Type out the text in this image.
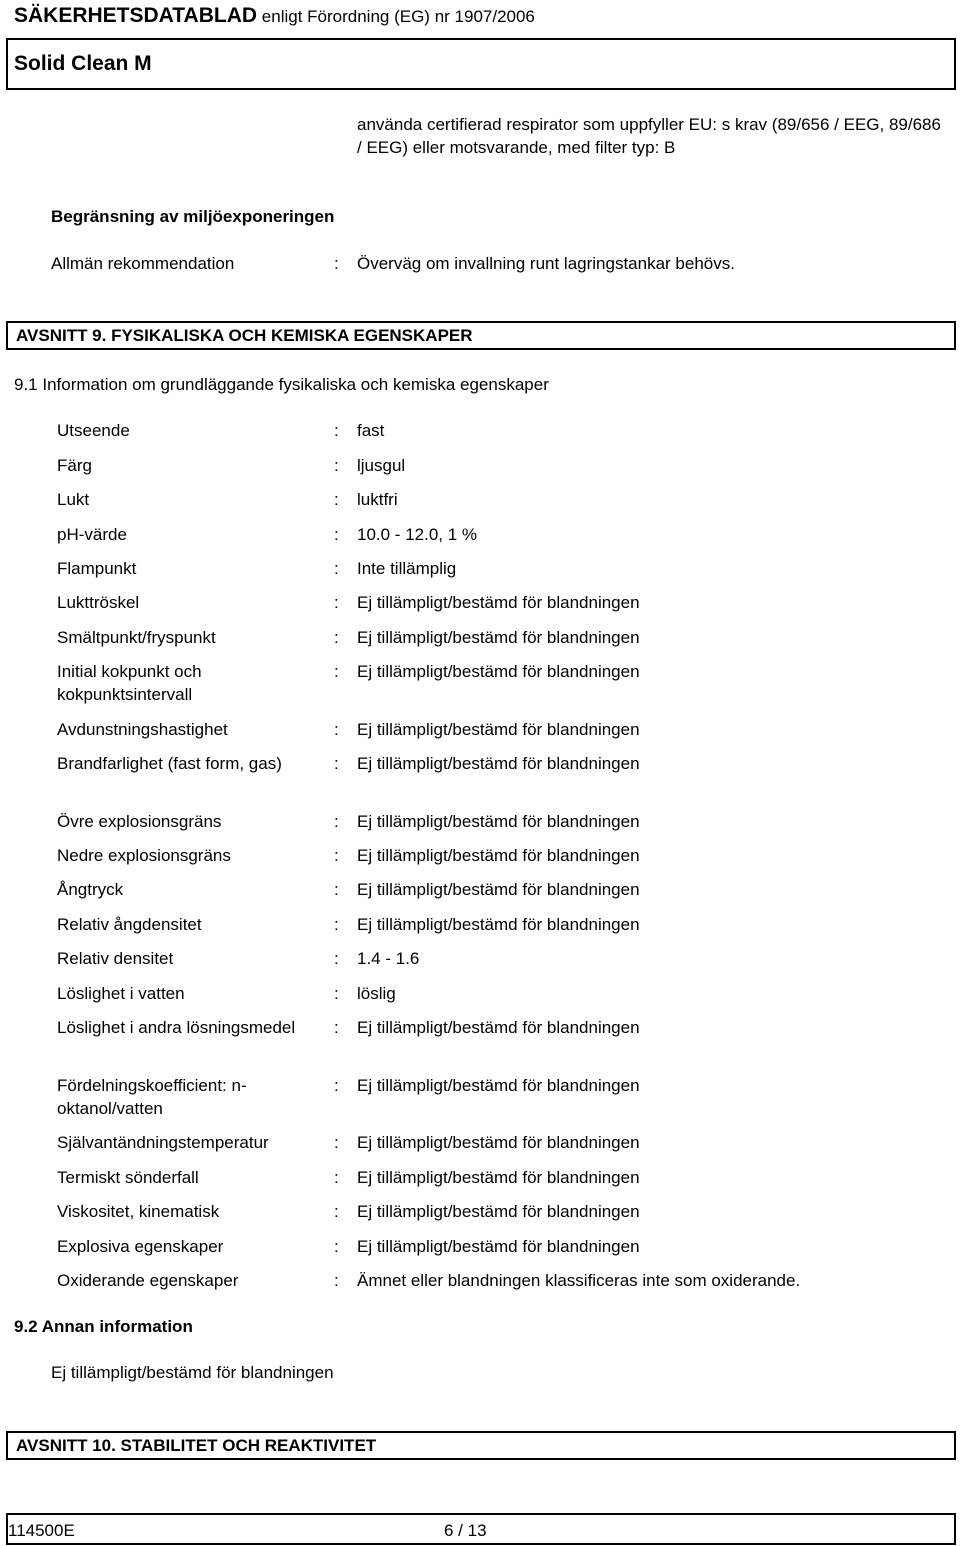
SÄKERHETSDATABLAD enligt Förordning (EG) nr 1907/2006
Solid Clean M
använda certifierad respirator som uppfyller EU: s krav (89/656 / EEG, 89/686 / EEG) eller motsvarande, med filter typ: B
Begränsning av miljöexponeringen
Allmän rekommendation	: Överväg om invallning runt lagringstankar behövs.
AVSNITT 9. FYSIKALISKA OCH KEMISKA EGENSKAPER
9.1 Information om grundläggande fysikaliska och kemiska egenskaper
Utseende	: fast
Färg	: ljusgul
Lukt	: luktfri
pH-värde	: 10.0 - 12.0, 1 %
Flampunkt	: Inte tillämplig
Lukttröskel	: Ej tillämpligt/bestämd för blandningen
Smältpunkt/fryspunkt	: Ej tillämpligt/bestämd för blandningen
Initial kokpunkt och kokpunktsintervall
: Ej tillämpligt/bestämd för blandningen
Avdunstningshastighet	: Ej tillämpligt/bestämd för blandningen
Brandfarlighet (fast form, gas)	: Ej tillämpligt/bestämd för blandningen
Övre explosionsgräns	: Ej tillämpligt/bestämd för blandningen
Nedre explosionsgräns	: Ej tillämpligt/bestämd för blandningen
Ångtryck	: Ej tillämpligt/bestämd för blandningen
Relativ ångdensitet	: Ej tillämpligt/bestämd för blandningen
Relativ densitet	: 1.4 - 1.6
Löslighet i vatten	: löslig
Löslighet i andra lösningsmedel	: Ej tillämpligt/bestämd för blandningen
Fördelningskoefficient: n-oktanol/vatten
: Ej tillämpligt/bestämd för blandningen
Självantändningstemperatur	: Ej tillämpligt/bestämd för blandningen
Termiskt sönderfall	: Ej tillämpligt/bestämd för blandningen
Viskositet, kinematisk	: Ej tillämpligt/bestämd för blandningen
Explosiva egenskaper	: Ej tillämpligt/bestämd för blandningen
Oxiderande egenskaper	: Ämnet eller blandningen klassificeras inte som oxiderande.
9.2 Annan information
Ej tillämpligt/bestämd för blandningen
AVSNITT 10. STABILITET OCH REAKTIVITET
114500E	6 / 13
